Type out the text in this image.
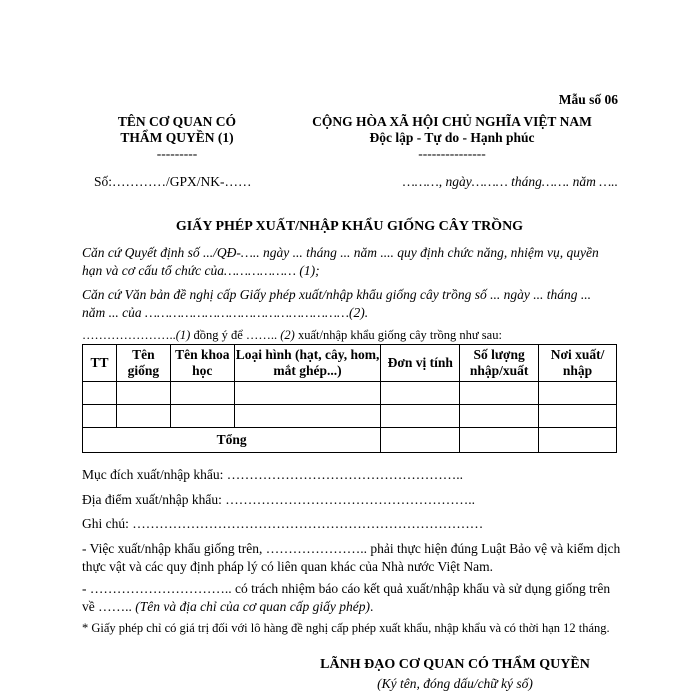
Mẫu số 06
TÊN CƠ QUAN CÓ
THẨM QUYỀN (1)
---------
CỘNG HÒA XÃ HỘI CHỦ NGHĨA VIỆT NAM
Độc lập - Tự do - Hạnh phúc
---------------
Số:…………/GPX/NK-……	………, ngày……… tháng……. năm …..
GIẤY PHÉP XUẤT/NHẬP KHẨU GIỐNG CÂY TRỒNG

Căn cứ Quyết định số .../QĐ-….. ngày ... tháng ... năm .... quy định chức năng, nhiệm vụ, quyền hạn và cơ cấu tổ chức của……………… (1);

Căn cứ Văn bản đề nghị cấp Giấy phép xuất/nhập khẩu giống cây trồng số ... ngày ... tháng ... năm ... của ……………………………………………(2).

…………………..(1) đồng ý để …….. (2) xuất/nhập khẩu giống cây trồng như sau:

TT	Tên giống	Tên khoa học	Loại hình (hạt, cây, hom, mắt ghép...)	Đơn vị tính	Số lượng nhập/xuất	Nơi xuất/ nhập

Tổng						

Mục đích xuất/nhập khẩu: ……………………………………………..

Địa điểm xuất/nhập khẩu: ………………………………………………..

Ghi chú: ……………………………………………………………………

- Việc xuất/nhập khẩu giống trên, ………………….. phải thực hiện đúng Luật Bảo vệ và kiểm dịch thực vật và các quy định pháp lý có liên quan khác của Nhà nước Việt Nam.

- ………………………….. có trách nhiệm báo cáo kết quả xuất/nhập khẩu và sử dụng giống trên về …….. (Tên và địa chỉ của cơ quan cấp giấy phép).

* Giấy phép chỉ có giá trị đối với lô hàng đề nghị cấp phép xuất khẩu, nhập khẩu và có thời hạn 12 tháng.

LÃNH ĐẠO CƠ QUAN CÓ THẨM QUYỀN
(Ký tên, đóng dấu/chữ ký số)
